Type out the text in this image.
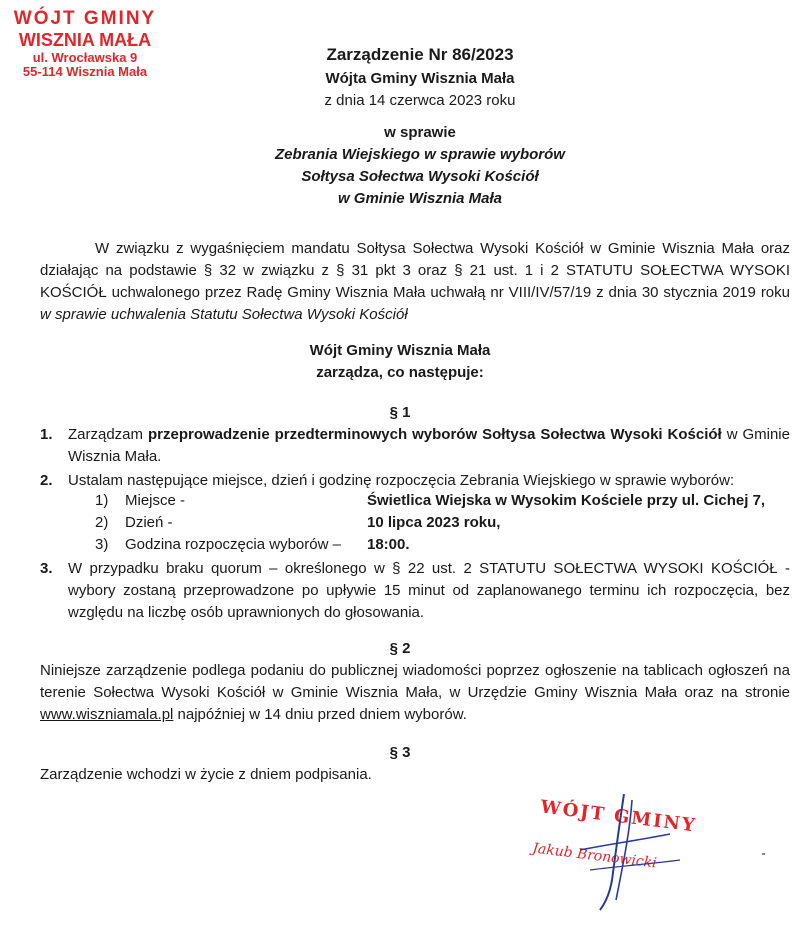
WÓJT GMINY
WISZNIA MAŁA
ul. Wrocławska 9
55-114 Wisznia Mała
Zarządzenie Nr 86/2023
Wójta Gminy Wisznia Mała
z dnia 14 czerwca 2023 roku
w sprawie
Zebrania Wiejskiego w sprawie wyborów
Sołtysa Sołectwa Wysoki Kościół
w Gminie Wisznia Mała
W związku z wygaśnięciem mandatu Sołtysa Sołectwa Wysoki Kościół w Gminie Wisznia Mała oraz działając na podstawie § 32 w związku z § 31 pkt 3 oraz § 21 ust. 1 i 2 STATUTU SOŁECTWA WYSOKI KOŚCIÓŁ uchwalonego przez Radę Gminy Wisznia Mała uchwałą nr VIII/IV/57/19 z dnia 30 stycznia 2019 roku w sprawie uchwalenia Statutu Sołectwa Wysoki Kościół
Wójt Gminy Wisznia Mała
zarządza, co następuje:
§ 1
1. Zarządzam przeprowadzenie przedterminowych wyborów Sołtysa Sołectwa Wysoki Kościół w Gminie Wisznia Mała.
2. Ustalam następujące miejsce, dzień i godzinę rozpoczęcia Zebrania Wiejskiego w sprawie wyborów:
1) Miejsce -	Świetlica Wiejska w Wysokim Kościele przy ul. Cichej 7,
2) Dzień -	10 lipca 2023 roku,
3) Godzina rozpoczęcia wyborów – 18:00.
3. W przypadku braku quorum – określonego w § 22 ust. 2 STATUTU SOŁECTWA WYSOKI KOŚCIÓŁ - wybory zostaną przeprowadzone po upływie 15 minut od zaplanowanego terminu ich rozpoczęcia, bez względu na liczbę osób uprawnionych do głosowania.
§ 2
Niniejsze zarządzenie podlega podaniu do publicznej wiadomości poprzez ogłoszenie na tablicach ogłoszeń na terenie Sołectwa Wysoki Kościół w Gminie Wisznia Mała, w Urzędzie Gminy Wisznia Mała oraz na stronie www.wiszniamala.pl najpóźniej w 14 dniu przed dniem wyborów.
§ 3
Zarządzenie wchodzi w życie z dniem podpisania.
WÓJT GMINY
Jakub Bronowicki
